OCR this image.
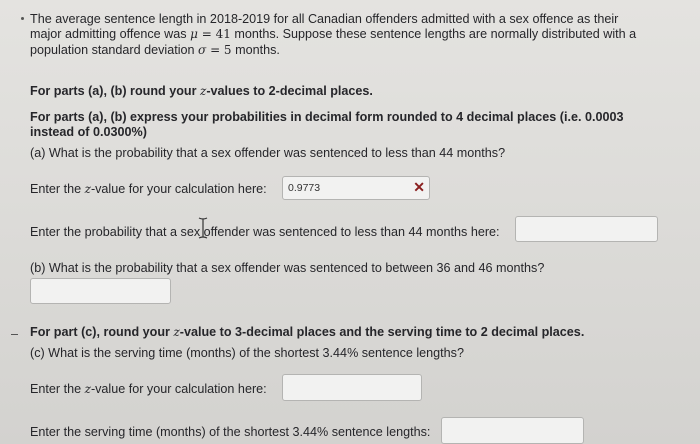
The average sentence length in 2018-2019 for all Canadian offenders admitted with a sex offence as their
major admitting offence was μ = 41 months. Suppose these sentence lengths are normally distributed with a
population standard deviation σ = 5 months.
For parts (a), (b) round your z-values to 2-decimal places.
For parts (a), (b) express your probabilities in decimal form rounded to 4 decimal places (i.e. 0.0003
instead of 0.0300%)
(a) What is the probability that a sex offender was sentenced to less than 44 months?
Enter the z-value for your calculation here:	0.9773	✕
Enter the probability that a sex offender was sentenced to less than 44 months here:
(b) What is the probability that a sex offender was sentenced to between 36 and 46 months?
For part (c), round your z-value to 3-decimal places and the serving time to 2 decimal places.
(c) What is the serving time (months) of the shortest 3.44% sentence lengths?
Enter the z-value for your calculation here:
Enter the serving time (months) of the shortest 3.44% sentence lengths:
